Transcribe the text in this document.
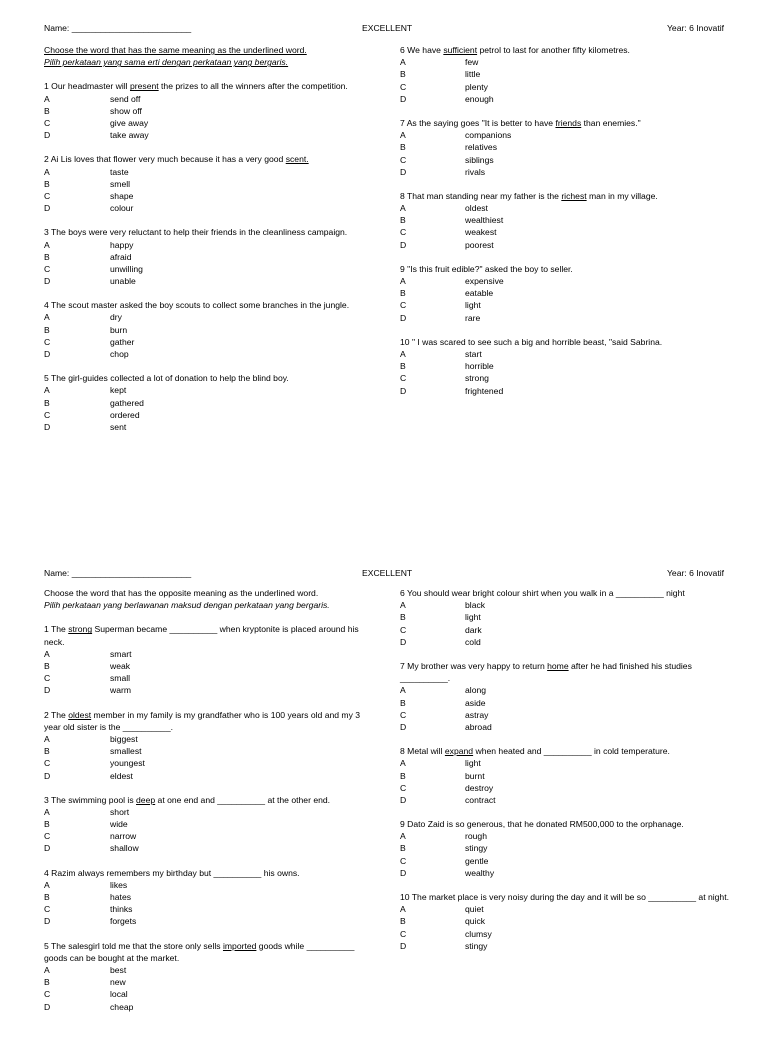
Name: _________________________	EXCELLENT	Year: 6 Inovatif
Choose the word that has the same meaning as the underlined word.
Pilih perkataan yang sama erti dengan perkataan yang bergaris.
1 Our headmaster will present the prizes to all the winners after the competition.
A	send off
B	show off
C	give away
D	take away
2 Ai Lis loves that flower very much because it has a very good scent.
A	taste
B	smell
C	shape
D	colour
3 The boys were very reluctant to help their friends in the cleanliness campaign.
A	happy
B	afraid
C	unwilling
D	unable
4 The scout master asked the boy scouts to collect some branches in the jungle.
A	dry
B	burn
C	gather
D	chop
5 The girl-guides collected a lot of donation to help the blind boy.
A	kept
B	gathered
C	ordered
D	sent
6 We have sufficient petrol to last for another fifty kilometres.
A	few
B	little
C	plenty
D	enough
7 As the saying goes "It is better to have friends than enemies."
A	companions
B	relatives
C	siblings
D	rivals
8 That man standing near my father is the richest man in my village.
A	oldest
B	wealthiest
C	weakest
D	poorest
9 "Is this fruit edible?" asked the boy to seller.
A	expensive
B	eatable
C	light
D	rare
10 " I was scared to see such a big and horrible beast, "said Sabrina.
A	start
B	horrible
C	strong
D	frightened
Name: _________________________	EXCELLENT	Year: 6 Inovatif
Choose the word that has the opposite meaning as the underlined word.
Pilih perkataan yang berlawanan maksud dengan perkataan yang bergaris.
1 The strong Superman became __________ when kryptonite is placed around his neck.
A	smart
B	weak
C	small
D	warm
2 The oldest member in my family is my grandfather who is 100 years old and my 3 year old sister is the __________.
A	biggest
B	smallest
C	youngest
D	eldest
3 The swimming pool is deep at one end and __________ at the other end.
A	short
B	wide
C	narrow
D	shallow
4 Razim always remembers my birthday but __________ his owns.
A	likes
B	hates
C	thinks
D	forgets
5 The salesgirl told me that the store only sells imported goods while __________ goods can be bought at the market.
A	best
B	new
C	local
D	cheap
6 You should wear bright colour shirt when you walk in a __________ night
A	black
B	light
C	dark
D	cold
7 My brother was very happy to return home after he had finished his studies __________.
A	along
B	aside
C	astray
D	abroad
8 Metal will expand when heated and __________ in cold temperature.
A	light
B	burnt
C	destroy
D	contract
9 Dato Zaid is so generous, that he donated RM500,000 to the orphanage.
A	rough
B	stingy
C	gentle
D	wealthy
10 The market place is very noisy during the day and it will be so __________ at night.
A	quiet
B	quick
C	clumsy
D	stingy
